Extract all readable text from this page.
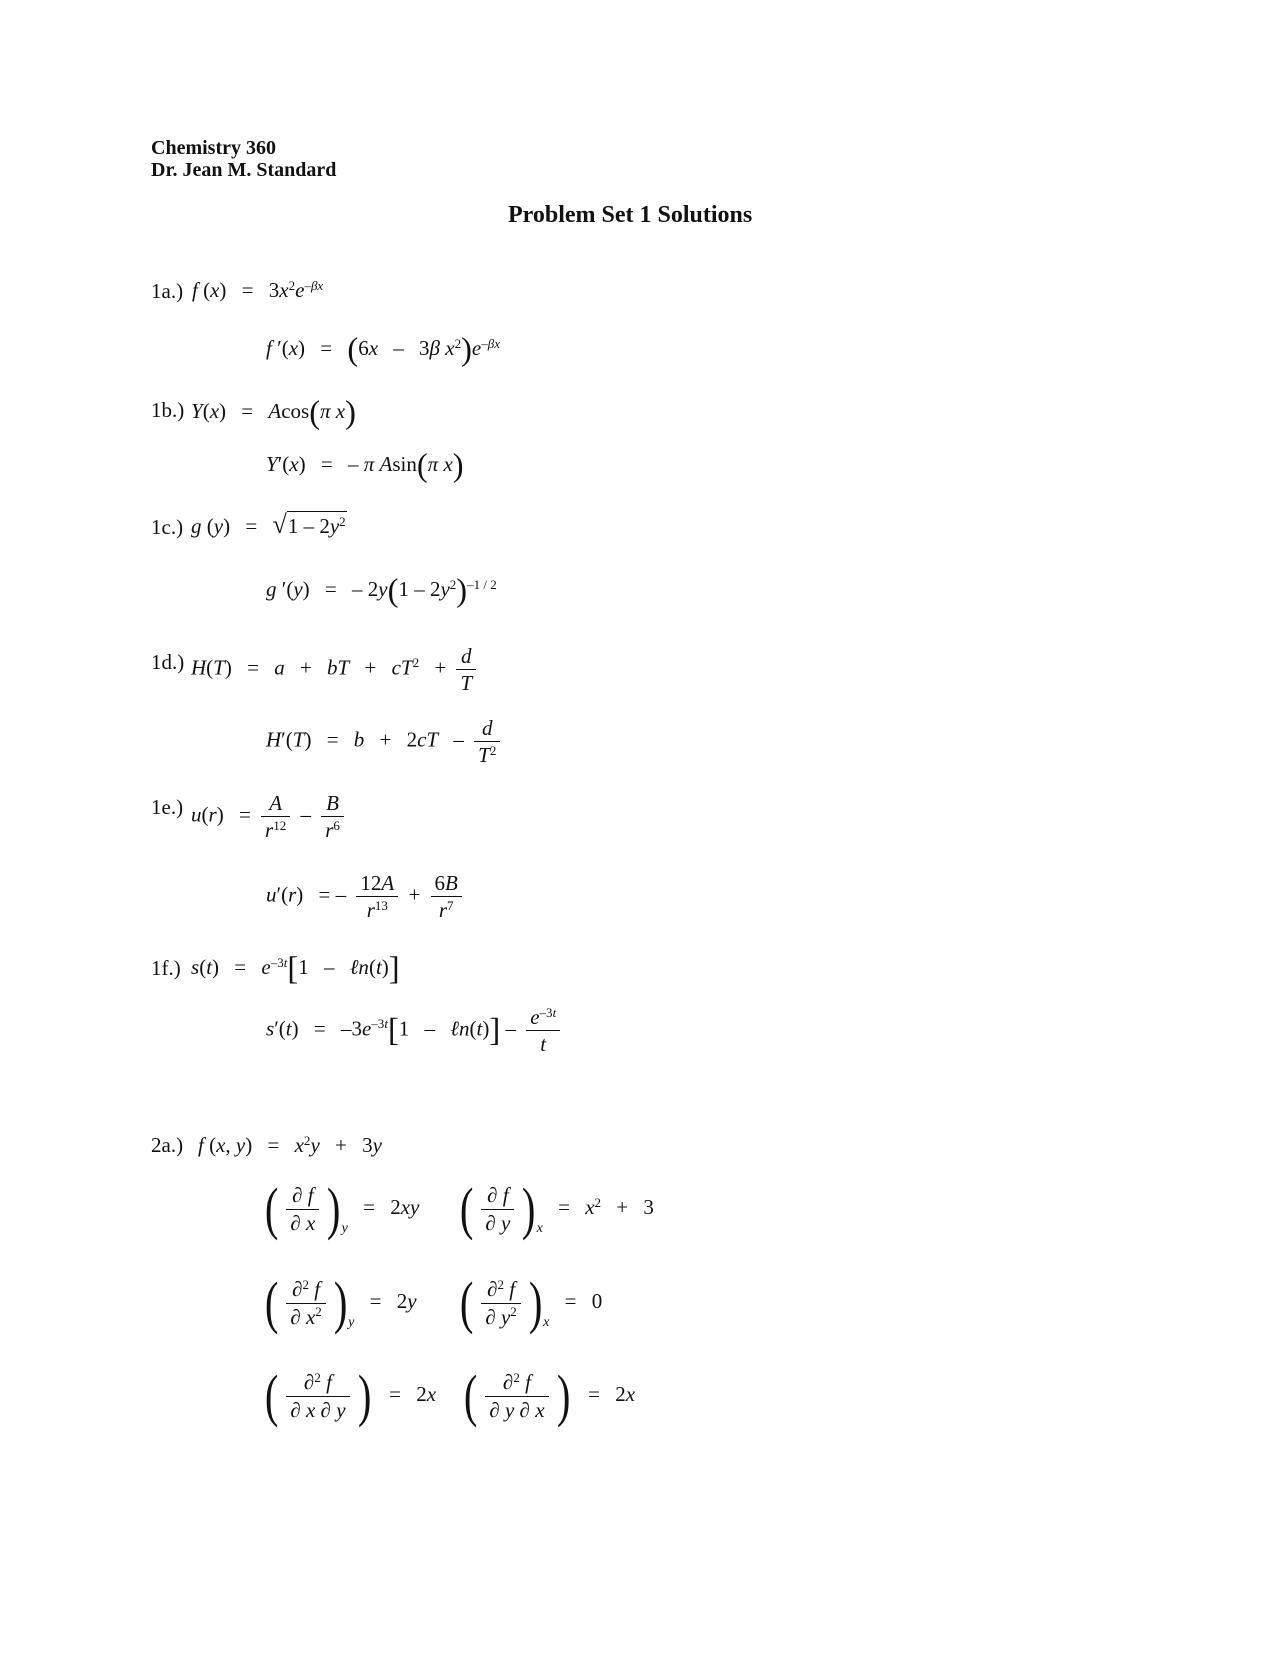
Chemistry 360
Dr. Jean M. Standard
Problem Set 1 Solutions
1a.) f $(x) = 3x^2e^{-\beta x}$
f ′(x) = (6x – 3β $x^2)e^{-\beta x}$
1b.) Y(x) = Acos(π x)
Y′(x) = – π Asin(π x)
1c.) g $(y) = √1 - 2y^2$
g ′(y) = – $2y(1 - 2y^2)^{-1 / 2}$
1d.) H(T) = a + bT + $cT^2 + \frac{d}{T}$
$H'(T) = b + 2cT - \frac{d}{T^2}$
1e.) $u(r) = \frac{A}{r^{12}} - \frac{B}{r^6}$
u′(r) = – $\frac{12A}{r^{13}} + \frac{6B}{r^7}$
1f.) $s(t) = e^{-3t}[1$ – ℓn(t)]
$s'(t) = -3e^{-3t}[1$ – ℓn(t)] – $\frac{e^{-3t}}{t}$
2a.) f (x, $y) = x^2y + 3y$
( $\frac{\partial f}{\partial x}$ ) y
= 2xy ( $\frac{\partial f}{\partial y}$ ) x
= $x^2 + 3$
( $\frac{\partial^2 f}{\partial x^2}$ ) y
= 2y ( $\frac{\partial^2 f}{\partial y^2}$ ) x
= 0
( $\frac{\partial^2 f}{\partial x \partial y}$ ) = 2x ( $\frac{\partial^2 f}{\partial y \partial x}$ ) = 2x
